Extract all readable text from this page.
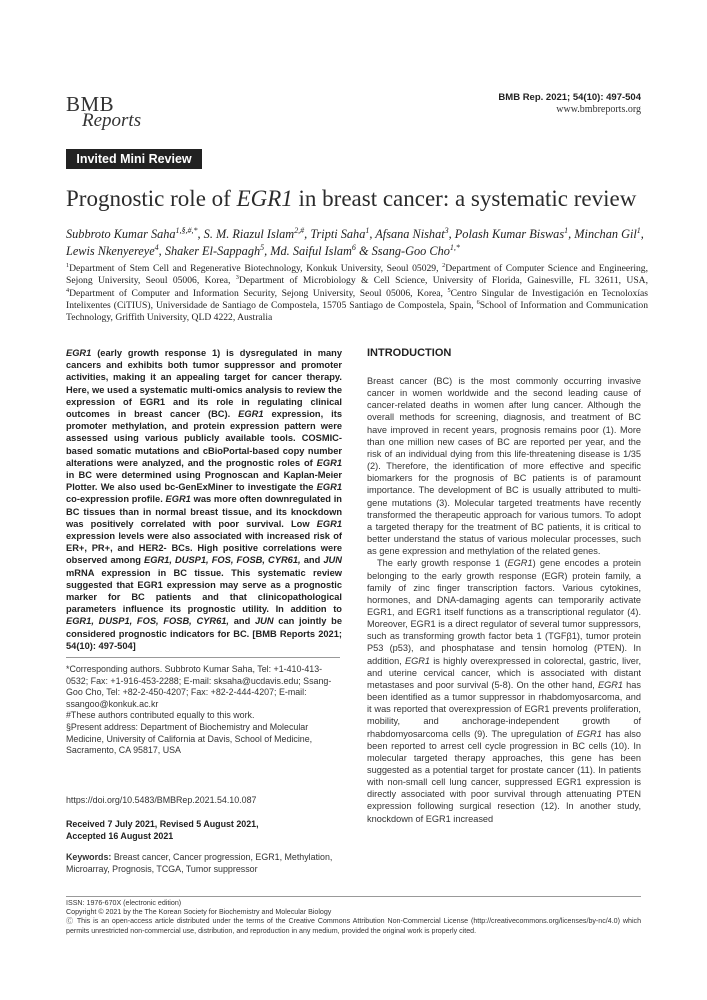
BMB
Reports
BMB Rep. 2021; 54(10): 497-504
www.bmbreports.org
Invited Mini Review
Prognostic role of EGR1 in breast cancer: a systematic review
Subbroto Kumar Saha$^{1,\S,\#,*}$, S. M. Riazul Islam$^{2,\#}$, Tripti Saha$^1$, Afsana Nishat$^3$, Polash Kumar Biswas$^1$, Minchan Gil$^1$, Lewis Nkenyereye$^4$, Shaker El-Sappagh$^5$, Md. Saiful Islam$^6$ & Ssang-Goo Cho$^{1,*}$
$^1$Department of Stem Cell and Regenerative Biotechnology, Konkuk University, Seoul 05029, $^2$Department of Computer Science and Engineering, Sejong University, Seoul 05006, Korea, $^3$Department of Microbiology & Cell Science, University of Florida, Gainesville, FL 32611, USA, $^4$Department of Computer and Information Security, Sejong University, Seoul 05006, Korea, $^5$Centro Singular de Investigación en Tecnoloxías Intelixentes (CiTIUS), Universidade de Santiago de Compostela, 15705 Santiago de Compostela, Spain, $^6$School of Information and Communication Technology, Griffith University, QLD 4222, Australia
EGR1 (early growth response 1) is dysregulated in many cancers and exhibits both tumor suppressor and promoter activities, making it an appealing target for cancer therapy. Here, we used a systematic multi-omics analysis to review the expression of EGR1 and its role in regulating clinical outcomes in breast cancer (BC). EGR1 expression, its promoter methylation, and protein expression pattern were assessed using various publicly available tools. COSMIC-based somatic mutations and cBioPortal-based copy number alterations were analyzed, and the prognostic roles of EGR1 in BC were determined using Prognoscan and Kaplan-Meier Plotter. We also used bc-GenExMiner to investigate the EGR1 co-expression profile. EGR1 was more often downregulated in BC tissues than in normal breast tissue, and its knockdown was positively correlated with poor survival. Low EGR1 expression levels were also associated with increased risk of ER+, PR+, and HER2- BCs. High positive correlations were observed among EGR1, DUSP1, FOS, FOSB, CYR61, and JUN mRNA expression in BC tissue. This systematic review suggested that EGR1 expression may serve as a prognostic marker for BC patients and that clinicopathological parameters influence its prognostic utility. In addition to EGR1, DUSP1, FOS, FOSB, CYR61, and JUN can jointly be considered prognostic indicators for BC. [BMB Reports 2021; 54(10): 497-504]
INTRODUCTION

Breast cancer (BC) is the most commonly occurring invasive cancer in women worldwide and the second leading cause of cancer-related deaths in women after lung cancer. Although the overall methods for screening, diagnosis, and treatment of BC have improved in recent years, prognosis remains poor (1). More than one million new cases of BC are reported per year, and the risk of an individual dying from this life-threatening disease is 1/35 (2). Therefore, the identification of more effective and specific biomarkers for the prognosis of BC patients is of paramount importance. The development of BC is usually attributed to multi-gene mutations (3). Molecular targeted treatments have recently transformed the therapeutic approach for various tumors. To adopt a targeted therapy for the treatment of BC patients, it is critical to better understand the status of various molecular processes, such as gene expression and methylation of the related genes.

The early growth response 1 (EGR1) gene encodes a protein belonging to the early growth response (EGR) protein family, a family of zinc finger transcription factors. Various cytokines, hormones, and DNA-damaging agents can temporarily activate EGR1, and EGR1 itself functions as a transcriptional regulator (4). Moreover, EGR1 is a direct regulator of several tumor suppressors, such as transforming growth factor beta 1 (TGFβ1), tumor protein P53 (p53), and phosphatase and tensin homolog (PTEN). In addition, EGR1 is highly overexpressed in colorectal, gastric, liver, and uterine cervical cancer, which is associated with distant metastases and poor survival (5-8). On the other hand, EGR1 has been identified as a tumor suppressor in rhabdomyosarcoma, and it was reported that overexpression of EGR1 prevents proliferation, mobility, and anchorage-independent growth of rhabdomyosarcoma cells (9). The upregulation of EGR1 has also been reported to arrest cell cycle progression in BC cells (10). In molecular targeted therapy approaches, this gene has been suggested as a potential target for prostate cancer (11). In patients with non-small cell lung cancer, suppressed EGR1 expression is directly associated with poor survival through attenuating PTEN expression following surgical resection (12). In another study, knockdown of EGR1 increased

*Corresponding authors. Subbroto Kumar Saha, Tel: +1-410-413-0532; Fax: +1-916-453-2288; E-mail: sksaha@ucdavis.edu; Ssang-Goo Cho, Tel: +82-2-450-4207; Fax: +82-2-444-4207; E-mail: ssangoo@konkuk.ac.kr
#These authors contributed equally to this work.
§Present address: Department of Biochemistry and Molecular Medicine, University of California at Davis, School of Medicine, Sacramento, CA 95817, USA
https://doi.org/10.5483/BMBRep.2021.54.10.087
Received 7 July 2021, Revised 5 August 2021,
Accepted 16 August 2021
Keywords: Breast cancer, Cancer progression, EGR1, Methylation, Microarray, Prognosis, TCGA, Tumor suppressor
ISSN: 1976-670X (electronic edition)
Copyright © 2021 by the The Korean Society for Biochemistry and Molecular Biology
Ⓒ This is an open-access article distributed under the terms of the Creative Commons Attribution Non-Commercial License (http://creativecommons.org/licenses/by-nc/4.0) which permits unrestricted non-commercial use, distribution, and reproduction in any medium, provided the original work is properly cited.
